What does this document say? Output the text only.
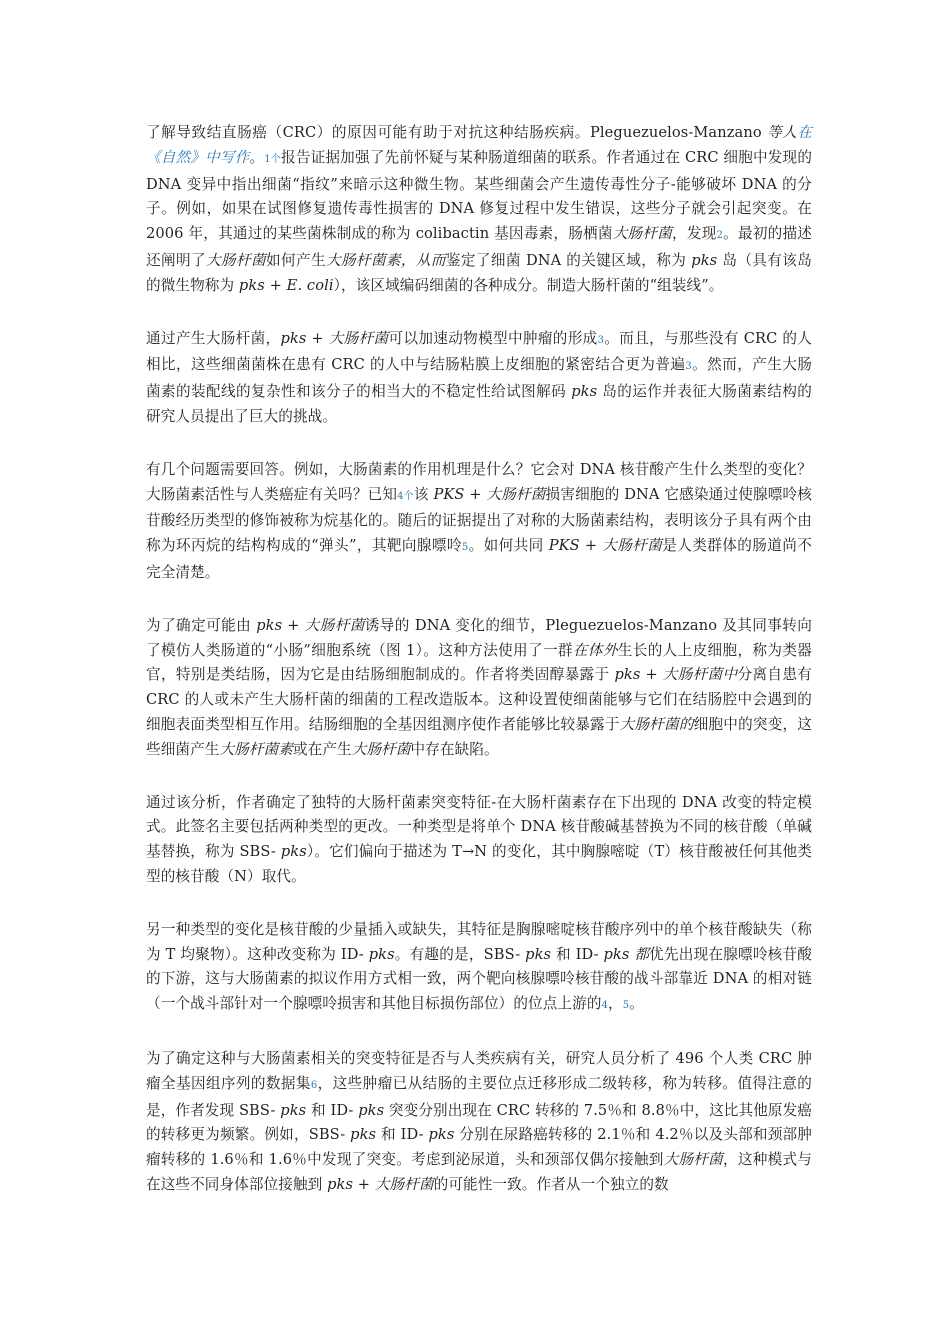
了解导致结直肠癌（CRC）的原因可能有助于对抗这种结肠疾病。Pleguezuelos-Manzano 等人在《自然》中写作。1个报告证据加强了先前怀疑与某种肠道细菌的联系。作者通过在 CRC 细胞中发现的 DNA 变异中指出细菌“指纹”来暗示这种微生物。某些细菌会产生遗传毒性分子-能够破坏 DNA 的分子。例如，如果在试图修复遗传毒性损害的 DNA 修复过程中发生错误，这些分子就会引起突变。在 2006 年，其通过的某些菌株制成的称为 colibactin 基因毒素，肠栖菌大肠杆菌，发现2。最初的描述还阐明了大肠杆菌如何产生大肠杆菌素，从而鉴定了细菌 DNA 的关键区域，称为 pks 岛（具有该岛的微生物称为 pks + E. coli），该区域编码细菌的各种成分。制造大肠杆菌的“组装线”。

通过产生大肠杆菌，pks + 大肠杆菌可以加速动物模型中肿瘤的形成3。而且，与那些没有 CRC 的人相比，这些细菌菌株在患有 CRC 的人中与结肠粘膜上皮细胞的紧密结合更为普遍3。然而，产生大肠菌素的装配线的复杂性和该分子的相当大的不稳定性给试图解码 pks 岛的运作并表征大肠菌素结构的研究人员提出了巨大的挑战。

有几个问题需要回答。例如，大肠菌素的作用机理是什么？它会对 DNA 核苷酸产生什么类型的变化？大肠菌素活性与人类癌症有关吗？已知4个该 PKS + 大肠杆菌损害细胞的 DNA 它感染通过使腺嘌呤核苷酸经历类型的修饰被称为烷基化的。随后的证据提出了对称的大肠菌素结构，表明该分子具有两个由称为环丙烷的结构构成的“弹头”，其靶向腺嘌呤5。如何共同 PKS + 大肠杆菌是人类群体的肠道尚不完全清楚。

为了确定可能由 pks + 大肠杆菌诱导的 DNA 变化的细节，Pleguezuelos-Manzano 及其同事转向了模仿人类肠道的“小肠”细胞系统（图 1）。这种方法使用了一群在体外生长的人上皮细胞，称为类器官，特别是类结肠，因为它是由结肠细胞制成的。作者将类固醇暴露于 pks + 大肠杆菌中分离自患有 CRC 的人或未产生大肠杆菌的细菌的工程改造版本。这种设置使细菌能够与它们在结肠腔中会遇到的细胞表面类型相互作用。结肠细胞的全基因组测序使作者能够比较暴露于大肠杆菌的细胞中的突变，这些细菌产生大肠杆菌素或在产生大肠杆菌中存在缺陷。

通过该分析，作者确定了独特的大肠杆菌素突变特征-在大肠杆菌素存在下出现的 DNA 改变的特定模式。此签名主要包括两种类型的更改。一种类型是将单个 DNA 核苷酸碱基替换为不同的核苷酸（单碱基替换，称为 SBS- pks）。它们偏向于描述为 T→N 的变化，其中胸腺嘧啶（T）核苷酸被任何其他类型的核苷酸（N）取代。

另一种类型的变化是核苷酸的少量插入或缺失，其特征是胸腺嘧啶核苷酸序列中的单个核苷酸缺失（称为 T 均聚物）。这种改变称为 ID- pks。有趣的是，SBS- pks 和 ID- pks 都优先出现在腺嘌呤核苷酸的下游，这与大肠菌素的拟议作用方式相一致，两个靶向核腺嘌呤核苷酸的战斗部靠近 DNA 的相对链（一个战斗部针对一个腺嘌呤损害和其他目标损伤部位）的位点上游的4，5。

为了确定这种与大肠菌素相关的突变特征是否与人类疾病有关，研究人员分析了 496 个人类 CRC 肿瘤全基因组序列的数据集6，这些肿瘤已从结肠的主要位点迁移形成二级转移，称为转移。值得注意的是，作者发现 SBS- pks 和 ID- pks 突变分别出现在 CRC 转移的 7.5％和 8.8％中，这比其他原发癌的转移更为频繁。例如，SBS- pks 和 ID- pks 分别在尿路癌转移的 2.1％和 4.2％以及头部和颈部肿瘤转移的 1.6％和 1.6％中发现了突变。考虑到泌尿道，头和颈部仅偶尔接触到大肠杆菌，这种模式与在这些不同身体部位接触到 pks + 大肠杆菌的可能性一致。作者从一个独立的数
